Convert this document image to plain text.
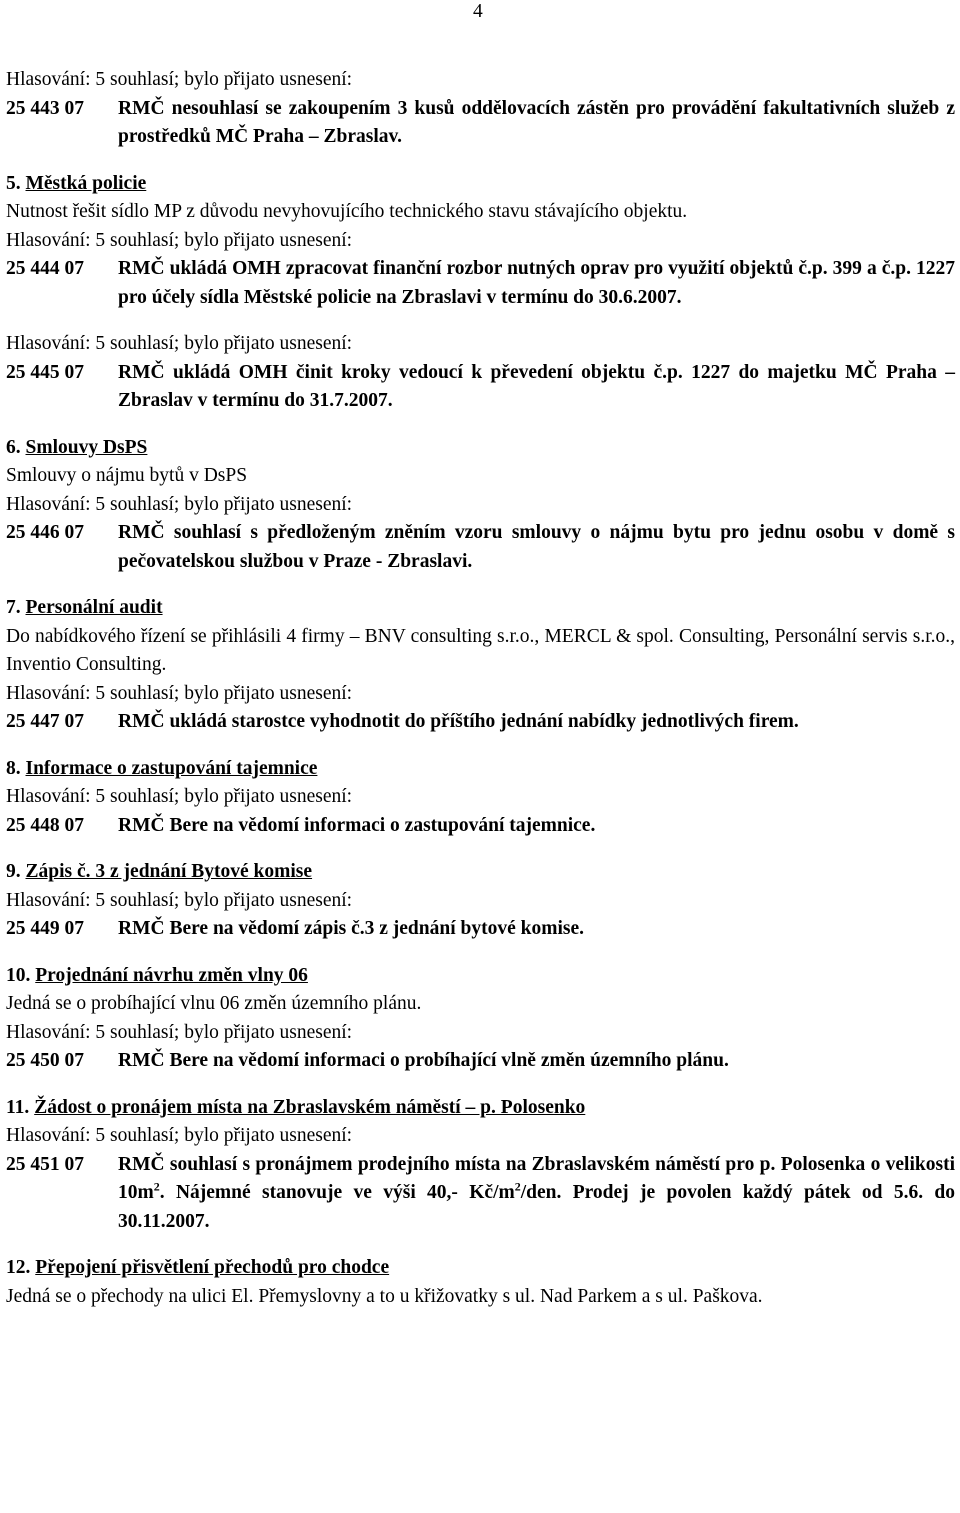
4

Hlasování: 5 souhlasí; bylo přijato usnesení:

25 443 07	RMČ nesouhlasí se zakoupením 3 kusů oddělovacích zástěn pro provádění fakultativních služeb z prostředků MČ Praha – Zbraslav.

5. Městká policie

Nutnost řešit sídlo MP z důvodu nevyhovujícího technického stavu stávajícího objektu.

Hlasování: 5 souhlasí; bylo přijato usnesení:

25 444 07	RMČ ukládá OMH zpracovat finanční rozbor nutných oprav pro využití objektů č.p. 399 a č.p. 1227 pro účely sídla Městské policie na Zbraslavi v termínu do 30.6.2007.

Hlasování: 5 souhlasí; bylo přijato usnesení:

25 445 07	RMČ ukládá OMH činit kroky vedoucí k převedení objektu č.p. 1227 do majetku MČ Praha – Zbraslav v termínu do 31.7.2007.

6. Smlouvy DsPS

Smlouvy o nájmu bytů v DsPS

Hlasování: 5 souhlasí; bylo přijato usnesení:

25 446 07	RMČ souhlasí s předloženým zněním vzoru smlouvy o nájmu bytu pro jednu osobu v domě s pečovatelskou službou v Praze - Zbraslavi.

7. Personální audit

Do nabídkového řízení se přihlásili 4 firmy – BNV consulting s.r.o., MERCL & spol. Consulting, Personální servis s.r.o., Inventio Consulting.

Hlasování: 5 souhlasí; bylo přijato usnesení:

25 447 07	RMČ ukládá starostce vyhodnotit do příštího jednání nabídky jednotlivých firem.

8. Informace o zastupování tajemnice

Hlasování: 5 souhlasí; bylo přijato usnesení:

25 448 07	RMČ Bere na vědomí informaci o zastupování tajemnice.

9. Zápis č. 3 z jednání Bytové komise

Hlasování: 5 souhlasí; bylo přijato usnesení:

25 449 07	RMČ Bere na vědomí zápis č.3 z jednání bytové komise.

10. Projednání návrhu změn vlny 06

Jedná se o probíhající vlnu 06 změn územního plánu.

Hlasování: 5 souhlasí; bylo přijato usnesení:

25 450 07	RMČ Bere na vědomí informaci o probíhající vlně změn územního plánu.

11. Žádost o pronájem místa na Zbraslavském náměstí – p. Polosenko

Hlasování: 5 souhlasí; bylo přijato usnesení:

25 451 07	RMČ souhlasí s pronájmem prodejního místa na Zbraslavském náměstí pro p. Polosenka o velikosti $10m^2$. Nájemné stanovuje ve výši 40,- $Kč/m^2$/den. Prodej je povolen každý pátek od 5.6. do 30.11.2007.

12. Přepojení přisvětlení přechodů pro chodce

Jedná se o přechody na ulici El. Přemyslovny a to u křižovatky s ul. Nad Parkem a s ul. Paškova.
